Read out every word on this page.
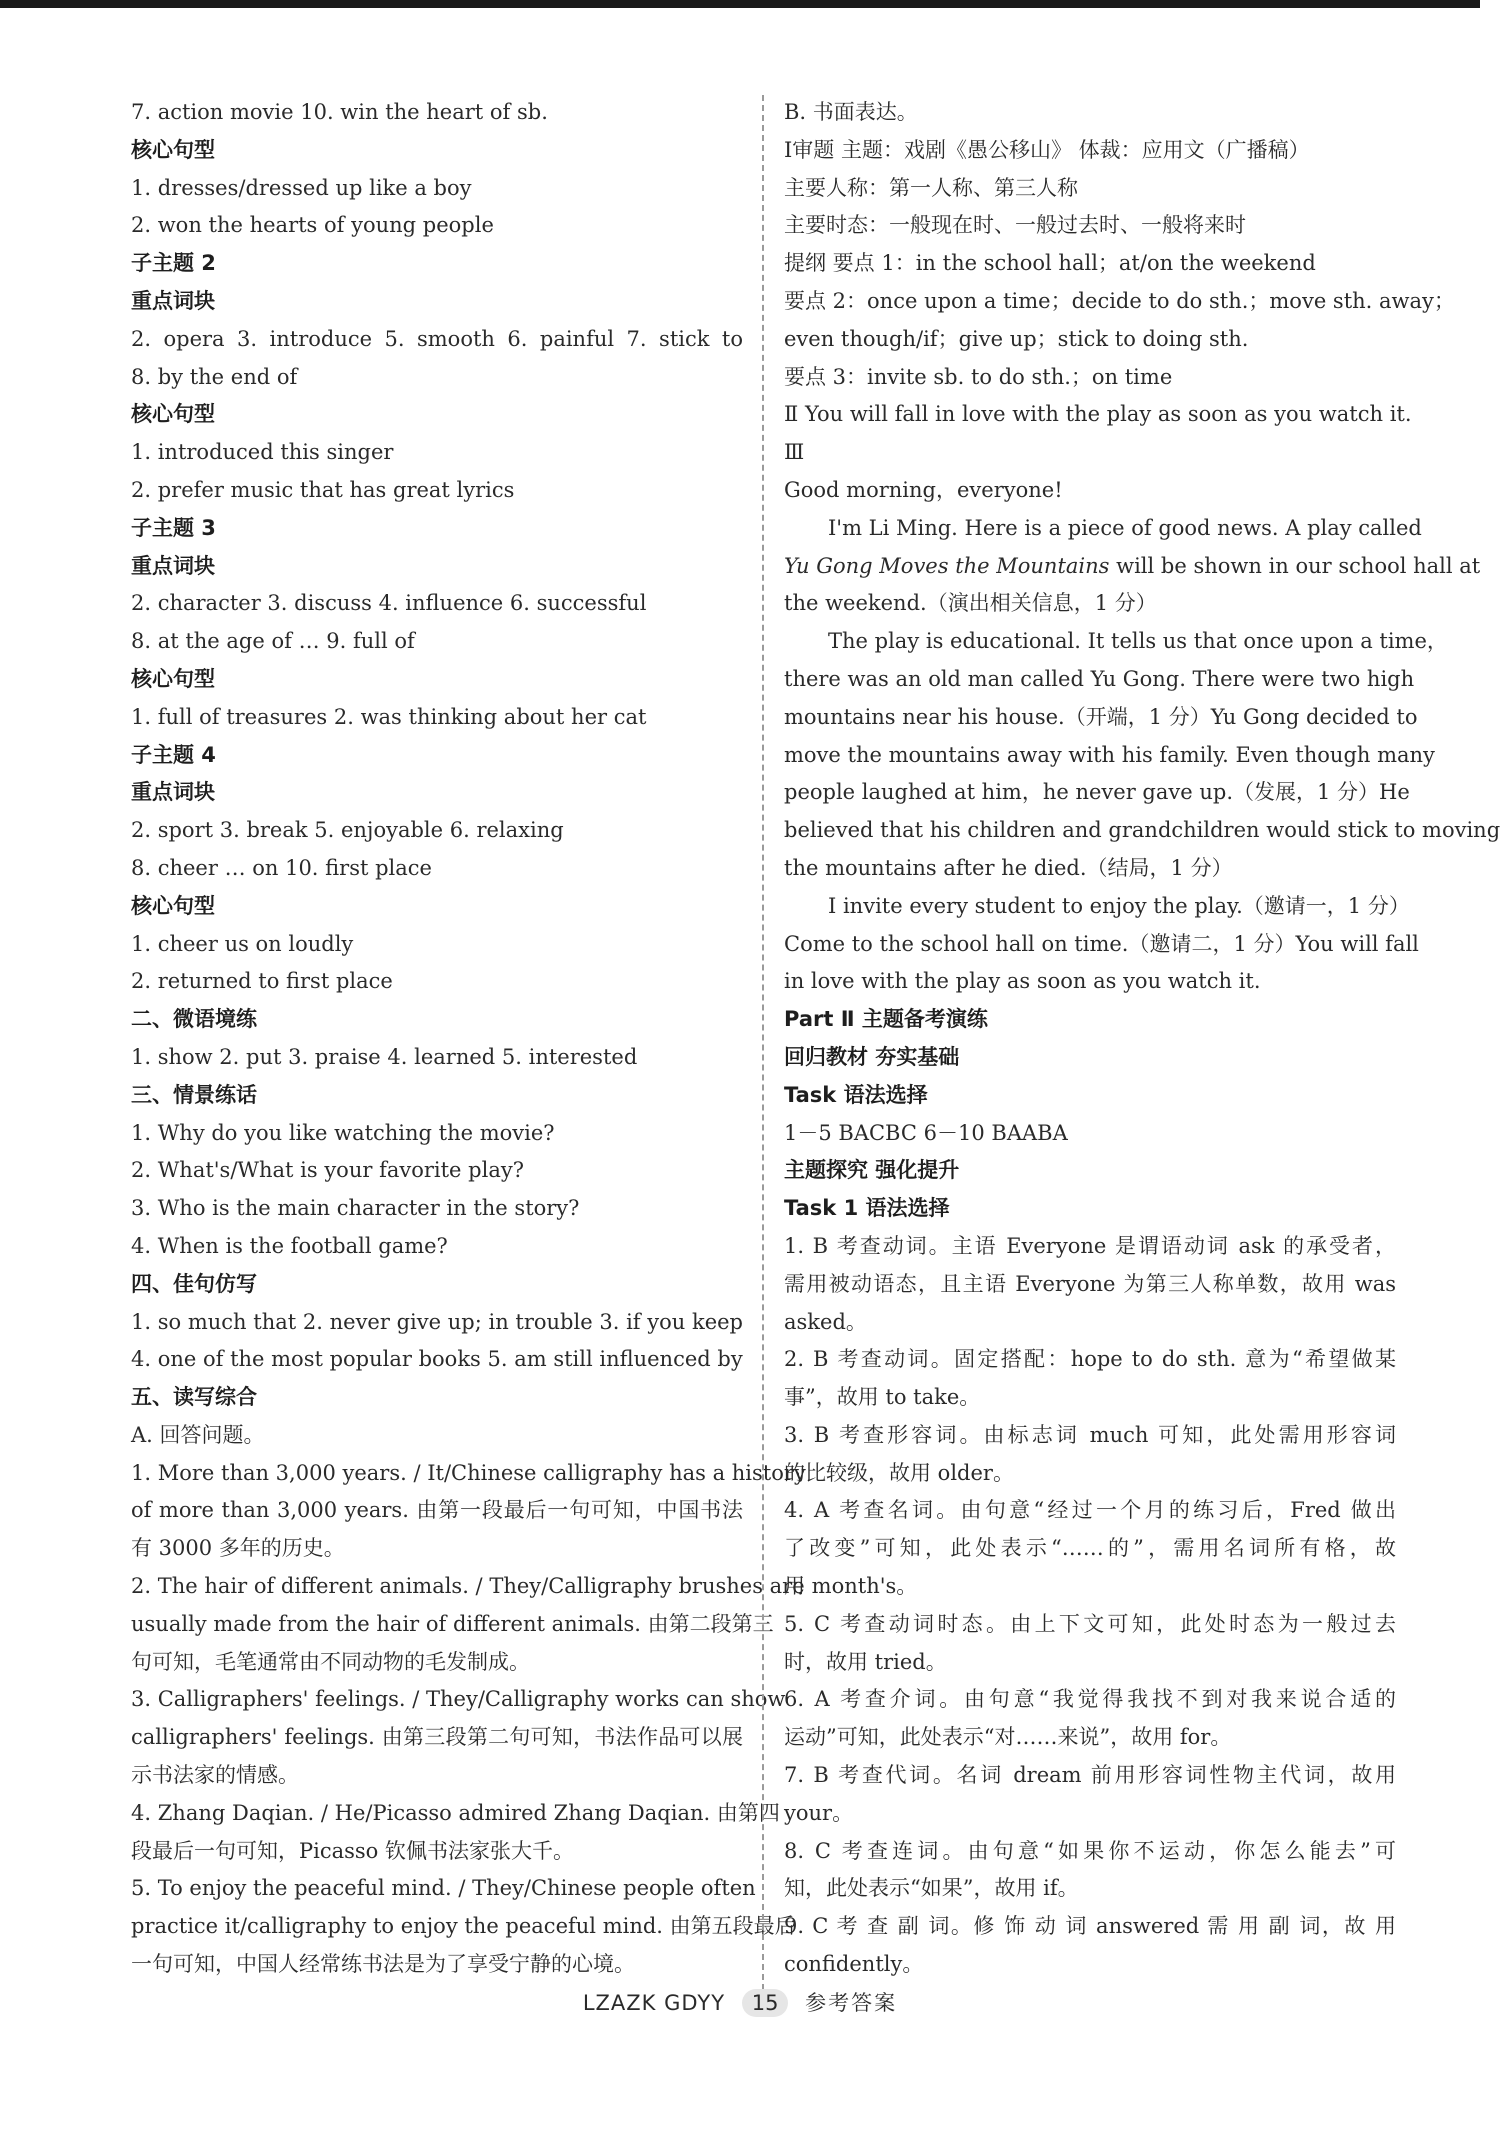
7. action movie 10. win the heart of sb.
核心句型
1. dresses/dressed up like a boy
2. won the hearts of young people
子主题 2
重点词块
2. opera 3. introduce 5. smooth 6. painful 7. stick to
8. by the end of
核心句型
1. introduced this singer
2. prefer music that has great lyrics
子主题 3
重点词块
2. character 3. discuss 4. influence 6. successful
8. at the age of … 9. full of
核心句型
1. full of treasures 2. was thinking about her cat
子主题 4
重点词块
2. sport 3. break 5. enjoyable 6. relaxing
8. cheer … on 10. first place
核心句型
1. cheer us on loudly
2. returned to first place
二、微语境练
1. show 2. put 3. praise 4. learned 5. interested
三、情景练话
1. Why do you like watching the movie?
2. What's/What is your favorite play?
3. Who is the main character in the story?
4. When is the football game?
四、佳句仿写
1. so much that 2. never give up; in trouble 3. if you keep
4. one of the most popular books 5. am still influenced by
五、读写综合
A. 回答问题。
1. More than 3,000 years. / It/Chinese calligraphy has a history
of more than 3,000 years. 由第一段最后一句可知，中国书法
有 3000 多年的历史。
2. The hair of different animals. / They/Calligraphy brushes are
usually made from the hair of different animals. 由第二段第三
句可知，毛笔通常由不同动物的毛发制成。
3. Calligraphers' feelings. / They/Calligraphy works can show
calligraphers' feelings. 由第三段第二句可知，书法作品可以展
示书法家的情感。
4. Zhang Daqian. / He/Picasso admired Zhang Daqian. 由第四
段最后一句可知，Picasso 钦佩书法家张大千。
5. To enjoy the peaceful mind. / They/Chinese people often
practice it/calligraphy to enjoy the peaceful mind. 由第五段最后
一句可知，中国人经常练书法是为了享受宁静的心境。
B. 书面表达。
Ⅰ审题 主题：戏剧《愚公移山》 体裁：应用文（广播稿）
主要人称：第一人称、第三人称
主要时态：一般现在时、一般过去时、一般将来时
提纲 要点 1：in the school hall；at/on the weekend
要点 2：once upon a time；decide to do sth.；move sth. away；
even though/if；give up；stick to doing sth.
要点 3：invite sb. to do sth.；on time
Ⅱ You will fall in love with the play as soon as you watch it.
Ⅲ
Good morning，everyone!
I'm Li Ming. Here is a piece of good news. A play called
Yu Gong Moves the Mountains will be shown in our school hall at
the weekend.（演出相关信息，1 分）
The play is educational. It tells us that once upon a time，
there was an old man called Yu Gong. There were two high
mountains near his house.（开端，1 分）Yu Gong decided to
move the mountains away with his family. Even though many
people laughed at him，he never gave up.（发展，1 分）He
believed that his children and grandchildren would stick to moving
the mountains after he died.（结局，1 分）
I invite every student to enjoy the play.（邀请一，1 分）
Come to the school hall on time.（邀请二，1 分）You will fall
in love with the play as soon as you watch it.
Part Ⅱ 主题备考演练
回归教材 夯实基础
Task 语法选择
1－5 BACBC 6－10 BAABA
主题探究 强化提升
Task 1 语法选择
1. B 考查动词。主语 Everyone 是谓语动词 ask 的承受者，
需用被动语态，且主语 Everyone 为第三人称单数，故用 was
asked。
2. B 考查动词。固定搭配：hope to do sth. 意为“希望做某
事”，故用 to take。
3. B 考查形容词。由标志词 much 可知，此处需用形容词
的比较级，故用 older。
4. A 考查名词。由句意“经过一个月的练习后，Fred 做出
了改变”可知，此处表示“……的”，需用名词所有格，故
用 month's。
5. C 考查动词时态。由上下文可知，此处时态为一般过去
时，故用 tried。
6. A 考查介词。由句意“我觉得我找不到对我来说合适的
运动”可知，此处表示“对……来说”，故用 for。
7. B 考查代词。名词 dream 前用形容词性物主代词，故用
your。
8. C 考查连词。由句意“如果你不运动，你怎么能去”可
知，此处表示“如果”，故用 if。
9. C 考 查 副 词。修 饰 动 词 answered 需 用 副 词，故 用
confidently。
LZAZK GDYY 15 参考答案
